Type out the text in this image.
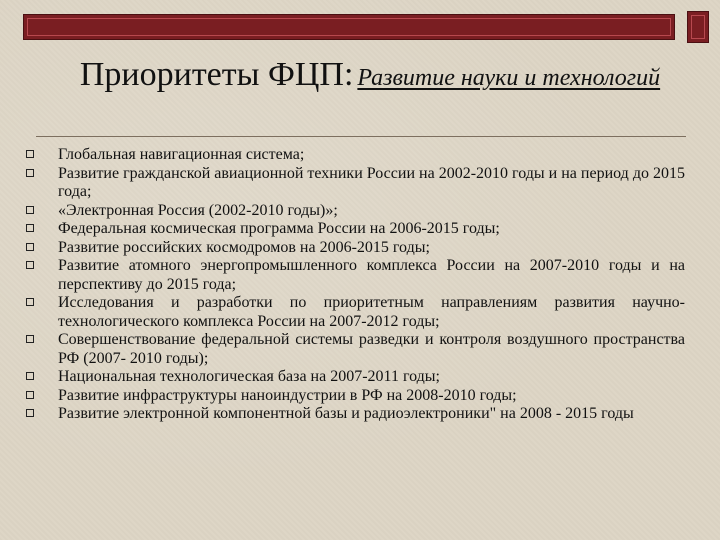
Приоритеты ФЦП: Развитие науки и технологий
Глобальная навигационная система;
Развитие гражданской авиационной техники России на 2002-2010 годы и на период до 2015 года;
«Электронная Россия (2002-2010 годы)»;
Федеральная космическая программа России на 2006-2015 годы;
Развитие российских космодромов на 2006-2015 годы;
Развитие атомного энергопромышленного комплекса России на 2007-2010 годы и на перспективу до 2015 года;
Исследования и разработки по приоритетным направлениям развития научно-технологического комплекса России на 2007-2012 годы;
Совершенствование федеральной системы разведки и контроля воздушного пространства РФ (2007- 2010 годы);
Национальная технологическая база на 2007-2011 годы;
Развитие инфраструктуры наноиндустрии в РФ на 2008-2010 годы;
Развитие электронной компонентной базы и радиоэлектроники" на 2008 - 2015 годы
